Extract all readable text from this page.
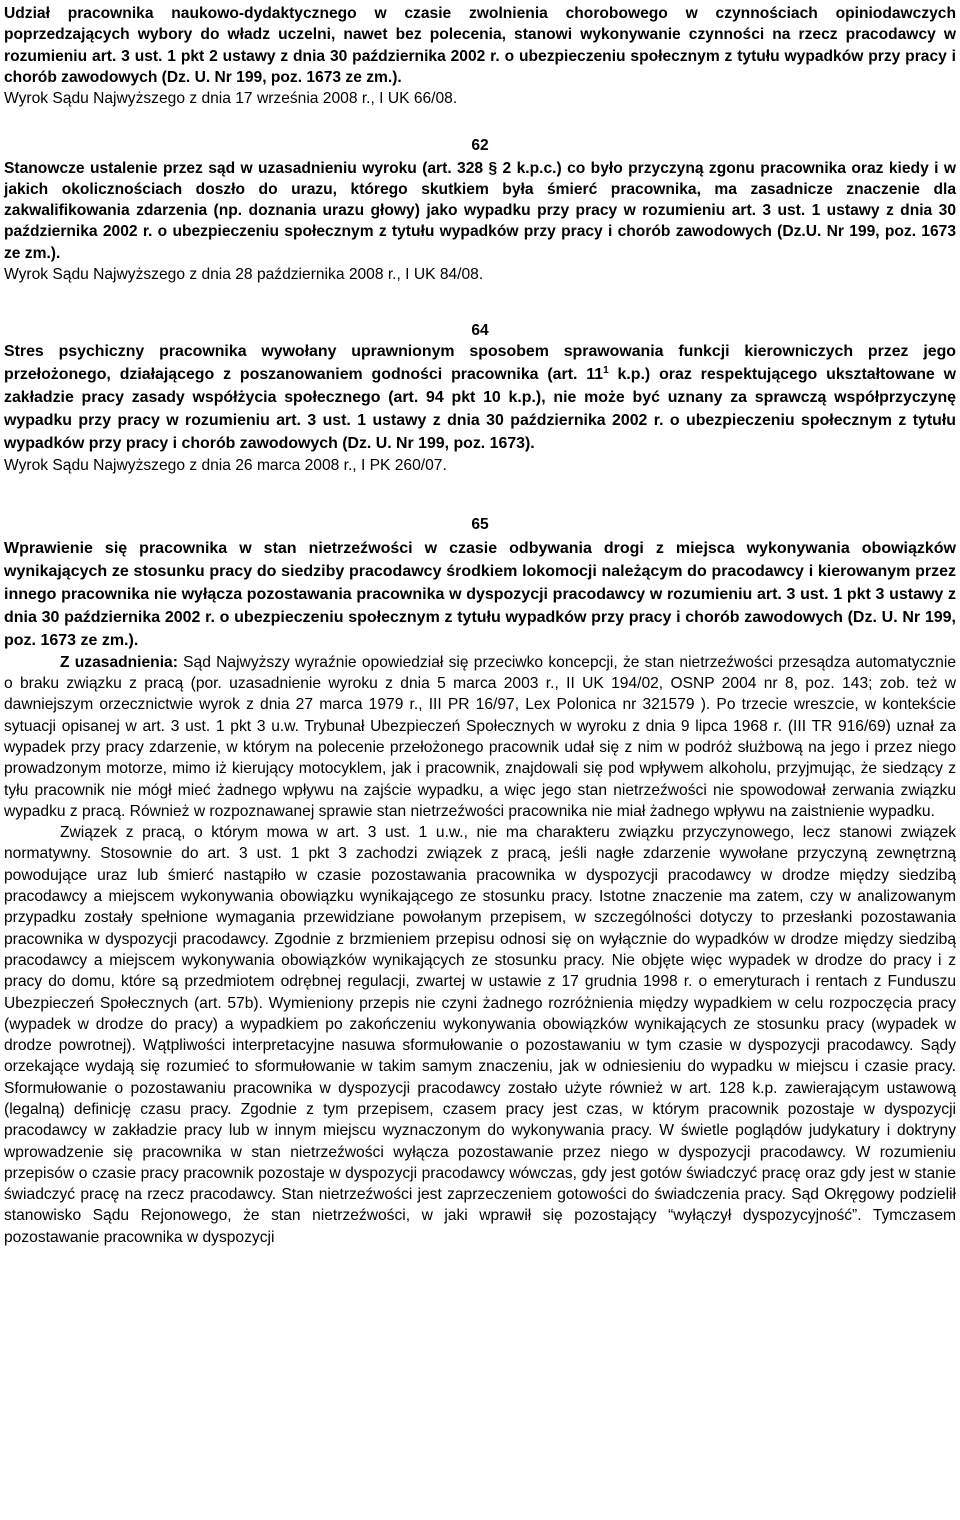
Udział pracownika naukowo-dydaktycznego w czasie zwolnienia chorobowego w czynnościach opiniodawczych poprzedzających wybory do władz uczelni, nawet bez polecenia, stanowi wykonywanie czynności na rzecz pracodawcy w rozumieniu art. 3 ust. 1 pkt 2 ustawy z dnia 30 października 2002 r. o ubezpieczeniu społecznym z tytułu wypadków przy pracy i chorób zawodowych (Dz. U. Nr 199, poz. 1673 ze zm.).

Wyrok Sądu Najwyższego z dnia 17 września 2008 r., I UK 66/08.

62

Stanowcze ustalenie przez sąd w uzasadnieniu wyroku (art. 328 § 2 k.p.c.) co było przyczyną zgonu pracownika oraz kiedy i w jakich okolicznościach doszło do urazu, którego skutkiem była śmierć pracownika, ma zasadnicze znaczenie dla zakwalifikowania zdarzenia (np. doznania urazu głowy) jako wypadku przy pracy w rozumieniu art. 3 ust. 1 ustawy z dnia 30 października 2002 r. o ubezpieczeniu społecznym z tytułu wypadków przy pracy i chorób zawodowych (Dz.U. Nr 199, poz. 1673 ze zm.).

Wyrok Sądu Najwyższego z dnia 28 października 2008 r., I UK 84/08.

64

Stres psychiczny pracownika wywołany uprawnionym sposobem sprawowania funkcji kierowniczych przez jego przełożonego, działającego z poszanowaniem godności pracownika (art. $11^1$ k.p.) oraz respektującego ukształtowane w zakładzie pracy zasady współżycia społecznego (art. 94 pkt 10 k.p.), nie może być uznany za sprawczą współprzyczynę wypadku przy pracy w rozumieniu art. 3 ust. 1 ustawy z dnia 30 października 2002 r. o ubezpieczeniu społecznym z tytułu wypadków przy pracy i chorób zawodowych (Dz. U. Nr 199, poz. 1673).

Wyrok Sądu Najwyższego z dnia 26 marca 2008 r., I PK 260/07.

65

Wprawienie się pracownika w stan nietrzeźwości w czasie odbywania drogi z miejsca wykonywania obowiązków wynikających ze stosunku pracy do siedziby pracodawcy środkiem lokomocji należącym do pracodawcy i kierowanym przez innego pracownika nie wyłącza pozostawania pracownika w dyspozycji pracodawcy w rozumieniu art. 3 ust. 1 pkt 3 ustawy z dnia 30 października 2002 r. o ubezpieczeniu społecznym z tytułu wypadków przy pracy i chorób zawodowych (Dz. U. Nr 199, poz. 1673 ze zm.).

Z uzasadnienia: Sąd Najwyższy wyraźnie opowiedział się przeciwko koncepcji, że stan nietrzeźwości przesądza automatycznie o braku związku z pracą (por. uzasadnienie wyroku z dnia 5 marca 2003 r., II UK 194/02, OSNP 2004 nr 8, poz. 143; zob. też w dawniejszym orzecznictwie wyrok z dnia 27 marca 1979 r., III PR 16/97, Lex Polonica nr 321579 ). Po trzecie wreszcie, w kontekście sytuacji opisanej w art. 3 ust. 1 pkt 3 u.w. Trybunał Ubezpieczeń Społecznych w wyroku z dnia 9 lipca 1968 r. (III TR 916/69) uznał za wypadek przy pracy zdarzenie, w którym na polecenie przełożonego pracownik udał się z nim w podróż służbową na jego i przez niego prowadzonym motorze, mimo iż kierujący motocyklem, jak i pracownik, znajdowali się pod wpływem alkoholu, przyjmując, że siedzący z tyłu pracownik nie mógł mieć żadnego wpływu na zajście wypadku, a więc jego stan nietrzeźwości nie spowodował zerwania związku wypadku z pracą. Również w rozpoznawanej sprawie stan nietrzeźwości pracownika nie miał żadnego wpływu na zaistnienie wypadku.

Związek z pracą, o którym mowa w art. 3 ust. 1 u.w., nie ma charakteru związku przyczynowego, lecz stanowi związek normatywny. Stosownie do art. 3 ust. 1 pkt 3 zachodzi związek z pracą, jeśli nagłe zdarzenie wywołane przyczyną zewnętrzną powodujące uraz lub śmierć nastąpiło w czasie pozostawania pracownika w dyspozycji pracodawcy w drodze między siedzibą pracodawcy a miejscem wykonywania obowiązku wynikającego ze stosunku pracy. Istotne znaczenie ma zatem, czy w analizowanym przypadku zostały spełnione wymagania przewidziane powołanym przepisem, w szczególności dotyczy to przesłanki pozostawania pracownika w dyspozycji pracodawcy. Zgodnie z brzmieniem przepisu odnosi się on wyłącznie do wypadków w drodze między siedzibą pracodawcy a miejscem wykonywania obowiązków wynikających ze stosunku pracy. Nie objęte więc wypadek w drodze do pracy i z pracy do domu, które są przedmiotem odrębnej regulacji, zwartej w ustawie z 17 grudnia 1998 r. o emeryturach i rentach z Funduszu Ubezpieczeń Społecznych (art. 57b). Wymieniony przepis nie czyni żadnego rozróżnienia między wypadkiem w celu rozpoczęcia pracy (wypadek w drodze do pracy) a wypadkiem po zakończeniu wykonywania obowiązków wynikających ze stosunku pracy (wypadek w drodze powrotnej). Wątpliwości interpretacyjne nasuwa sformułowanie o pozostawaniu w tym czasie w dyspozycji pracodawcy. Sądy orzekające wydają się rozumieć to sformułowanie w takim samym znaczeniu, jak w odniesieniu do wypadku w miejscu i czasie pracy. Sformułowanie o pozostawaniu pracownika w dyspozycji pracodawcy zostało użyte również w art. 128 k.p. zawierającym ustawową (legalną) definicję czasu pracy. Zgodnie z tym przepisem, czasem pracy jest czas, w którym pracownik pozostaje w dyspozycji pracodawcy w zakładzie pracy lub w innym miejscu wyznaczonym do wykonywania pracy. W świetle poglądów judykatury i doktryny wprowadzenie się pracownika w stan nietrzeźwości wyłącza pozostawanie przez niego w dyspozycji pracodawcy. W rozumieniu przepisów o czasie pracy pracownik pozostaje w dyspozycji pracodawcy wówczas, gdy jest gotów świadczyć pracę oraz gdy jest w stanie świadczyć pracę na rzecz pracodawcy. Stan nietrzeźwości jest zaprzeczeniem gotowości do świadczenia pracy. Sąd Okręgowy podzielił stanowisko Sądu Rejonowego, że stan nietrzeźwości, w jaki wprawił się pozostający “wyłączył dyspozycyjność”. Tymczasem pozostawanie pracownika w dyspozycji
